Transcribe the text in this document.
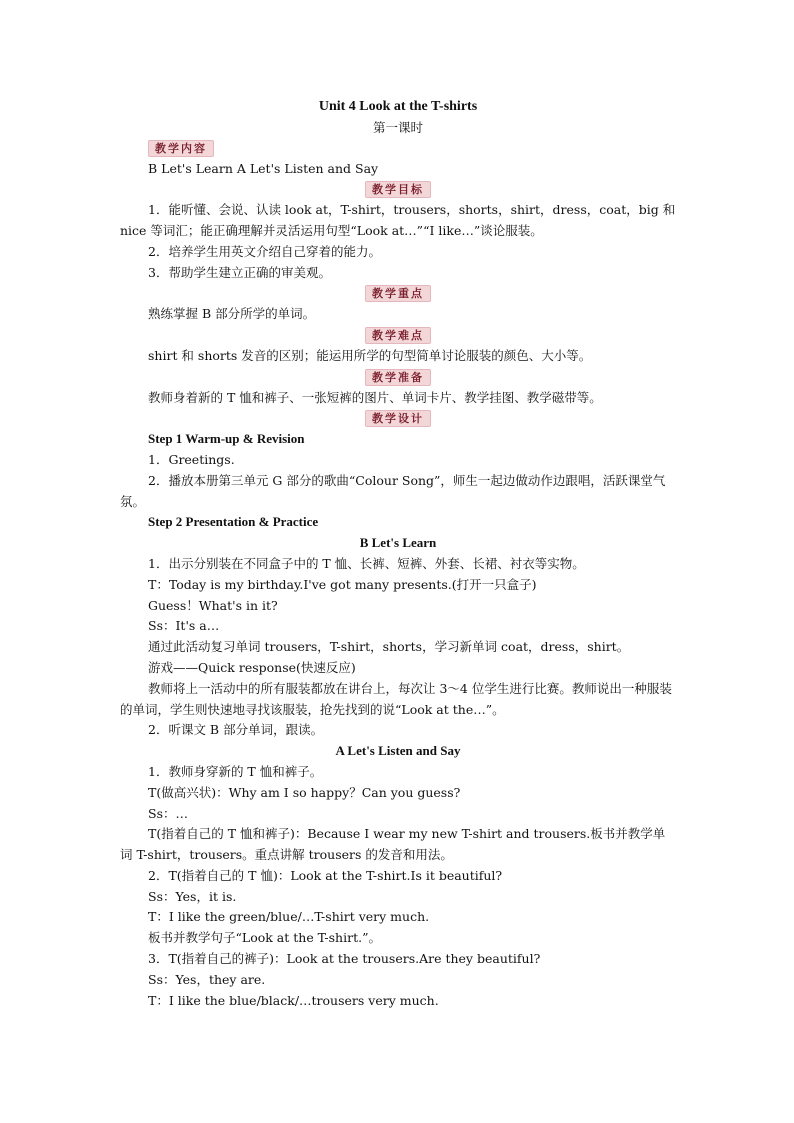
Unit 4 Look at the T-shirts
第一课时
教学内容
B Let's Learn A Let's Listen and Say
教学目标
1．能听懂、会说、认读 look at，T-shirt，trousers，shorts，shirt，dress，coat，big 和 nice 等词汇；能正确理解并灵活运用句型“Look at…”“I like…”谈论服装。
2．培养学生用英文介绍自己穿着的能力。
3．帮助学生建立正确的审美观。
教学重点
熟练掌握 B 部分所学的单词。
教学难点
shirt 和 shorts 发音的区别；能运用所学的句型简单讨论服装的颜色、大小等。
教学准备
教师身着新的 T 恤和裤子、一张短裤的图片、单词卡片、教学挂图、教学磁带等。
教学设计
Step 1 Warm-up & Revision
1．Greetings.
2．播放本册第三单元 G 部分的歌曲“Colour Song”，师生一起边做动作边跟唱，活跃课堂气氛。
Step 2 Presentation & Practice
B Let's Learn
1．出示分别装在不同盒子中的 T 恤、长裤、短裤、外套、长裙、衬衣等实物。
T：Today is my birthday.I've got many presents.(打开一只盒子)
Guess！What's in it?
Ss：It's a…
通过此活动复习单词 trousers，T-shirt，shorts，学习新单词 coat，dress，shirt。
游戏——Quick response(快速反应)
教师将上一活动中的所有服装都放在讲台上，每次让 3～4 位学生进行比赛。教师说出一种服装的单词，学生则快速地寻找该服装，抢先找到的说“Look at the…”。
2．听课文 B 部分单词，跟读。
A Let's Listen and Say
1．教师身穿新的 T 恤和裤子。
T(做高兴状)：Why am I so happy？Can you guess?
Ss：…
T(指着自己的 T 恤和裤子)：Because I wear my new T-shirt and trousers.板书并教学单词 T-shirt，trousers。重点讲解 trousers 的发音和用法。
2．T(指着自己的 T 恤)：Look at the T-shirt.Is it beautiful?
Ss：Yes，it is.
T：I like the green/blue/…T-shirt very much.
板书并教学句子“Look at the T-shirt.”。
3．T(指着自己的裤子)：Look at the trousers.Are they beautiful?
Ss：Yes，they are.
T：I like the blue/black/…trousers very much.
